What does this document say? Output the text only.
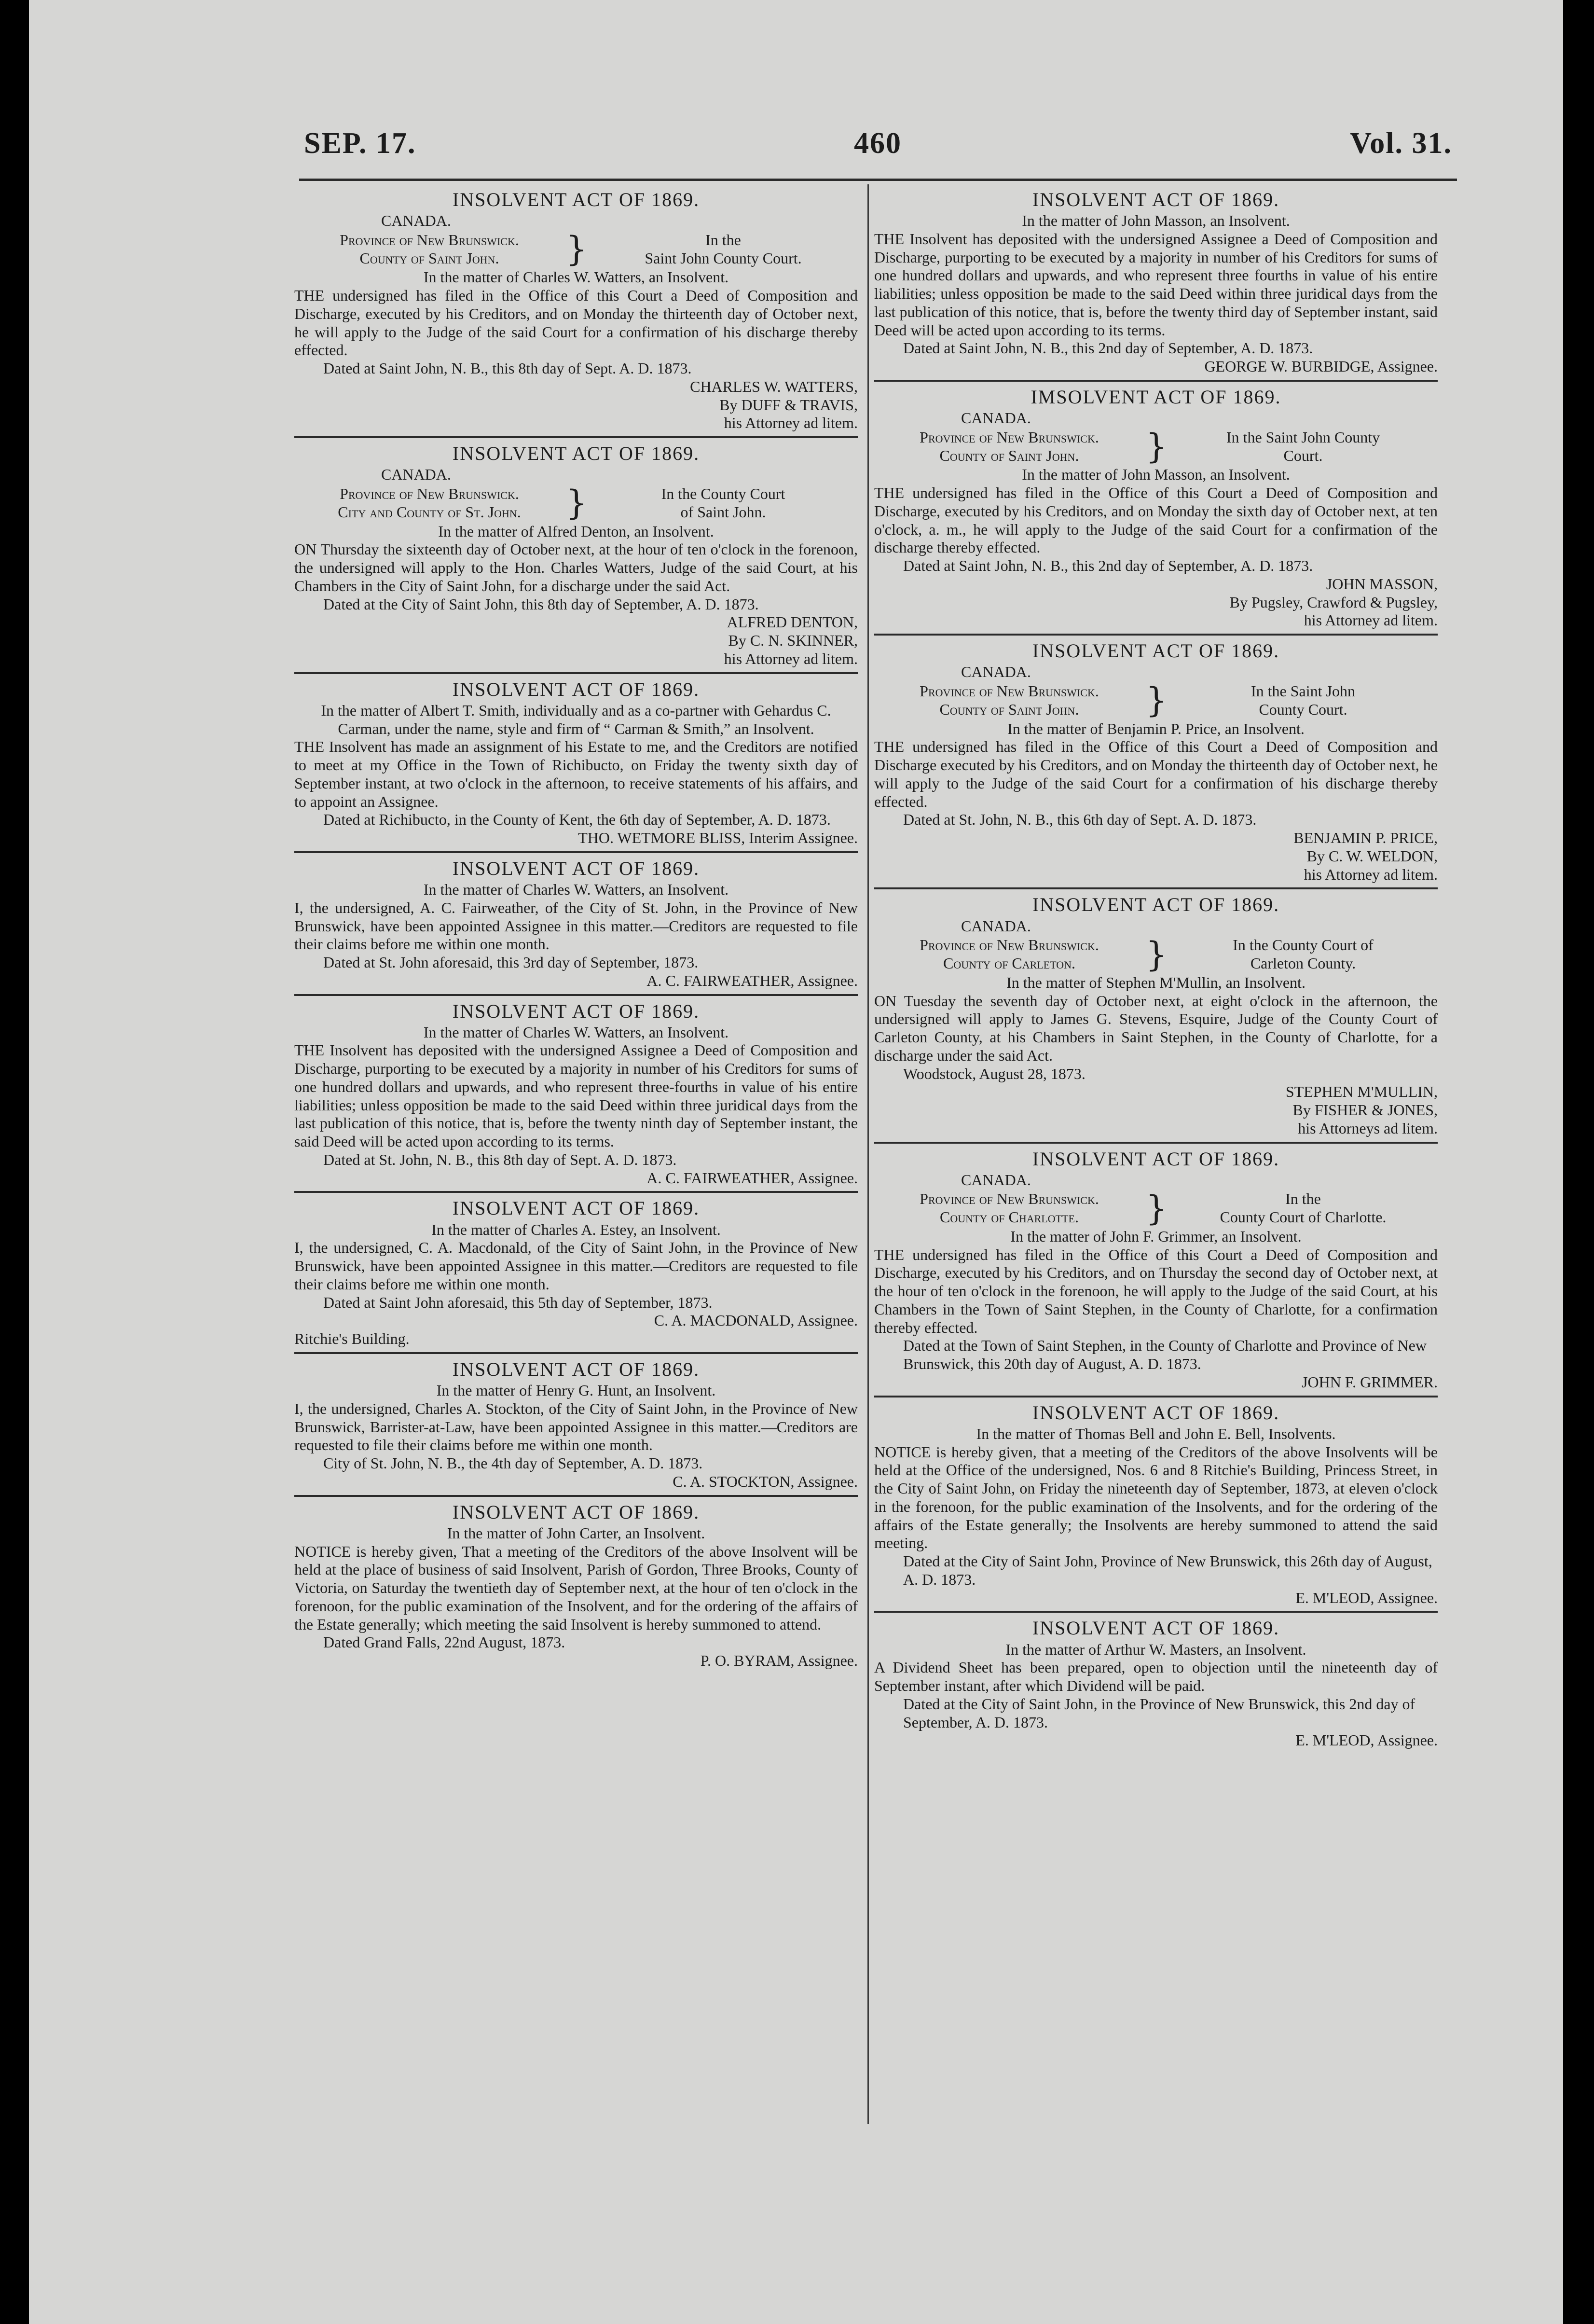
SEP. 17.	460	Vol. 31.
INSOLVENT ACT OF 1869.
CANADA.
Province of New Brunswick.
County of Saint John.	}	In the
Saint John County Court.
In the matter of Charles W. Watters, an Insolvent.

THE undersigned has filed in the Office of this Court a Deed of Composition and Discharge, executed by his Creditors, and on Monday the thirteenth day of October next, he will apply to the Judge of the said Court for a confirmation of his discharge thereby effected.

Dated at Saint John, N. B., this 8th day of Sept. A. D. 1873.
CHARLES W. WATTERS,
By DUFF & TRAVIS,
his Attorney ad litem.
INSOLVENT ACT OF 1869.
CANADA.
Province of New Brunswick.
City and County of St. John.	}	In the County Court
of Saint John.
In the matter of Alfred Denton, an Insolvent.

ON Thursday the sixteenth day of October next, at the hour of ten o'clock in the forenoon, the undersigned will apply to the Hon. Charles Watters, Judge of the said Court, at his Chambers in the City of Saint John, for a discharge under the said Act.

Dated at the City of Saint John, this 8th day of September, A. D. 1873.
ALFRED DENTON,
By C. N. SKINNER,
his Attorney ad litem.
INSOLVENT ACT OF 1869.
In the matter of Albert T. Smith, individually and as a co-partner with Gehardus C. Carman, under the name, style and firm of “ Carman & Smith,” an Insolvent.

THE Insolvent has made an assignment of his Estate to me, and the Creditors are notified to meet at my Office in the Town of Richibucto, on Friday the twenty sixth day of September instant, at two o'clock in the afternoon, to receive statements of his affairs, and to appoint an Assignee.

Dated at Richibucto, in the County of Kent, the 6th day of September, A. D. 1873.
THO. WETMORE BLISS, Interim Assignee.
INSOLVENT ACT OF 1869.
In the matter of Charles W. Watters, an Insolvent.

I, the undersigned, A. C. Fairweather, of the City of St. John, in the Province of New Brunswick, have been appointed Assignee in this matter.—Creditors are requested to file their claims before me within one month.

Dated at St. John aforesaid, this 3rd day of September, 1873.
A. C. FAIRWEATHER, Assignee.
INSOLVENT ACT OF 1869.
In the matter of Charles W. Watters, an Insolvent.

THE Insolvent has deposited with the undersigned Assignee a Deed of Composition and Discharge, purporting to be executed by a majority in number of his Creditors for sums of one hundred dollars and upwards, and who represent three-fourths in value of his entire liabilities; unless opposition be made to the said Deed within three juridical days from the last publication of this notice, that is, before the twenty ninth day of September instant, the said Deed will be acted upon according to its terms.

Dated at St. John, N. B., this 8th day of Sept. A. D. 1873.
A. C. FAIRWEATHER, Assignee.
INSOLVENT ACT OF 1869.
In the matter of Charles A. Estey, an Insolvent.

I, the undersigned, C. A. Macdonald, of the City of Saint John, in the Province of New Brunswick, have been appointed Assignee in this matter.—Creditors are requested to file their claims before me within one month.

Dated at Saint John aforesaid, this 5th day of September, 1873.
C. A. MACDONALD, Assignee.
Ritchie's Building.
INSOLVENT ACT OF 1869.
In the matter of Henry G. Hunt, an Insolvent.

I, the undersigned, Charles A. Stockton, of the City of Saint John, in the Province of New Brunswick, Barrister-at-Law, have been appointed Assignee in this matter.—Creditors are requested to file their claims before me within one month.

City of St. John, N. B., the 4th day of September, A. D. 1873.
C. A. STOCKTON, Assignee.
INSOLVENT ACT OF 1869.
In the matter of John Carter, an Insolvent.

NOTICE is hereby given, That a meeting of the Creditors of the above Insolvent will be held at the place of business of said Insolvent, Parish of Gordon, Three Brooks, County of Victoria, on Saturday the twentieth day of September next, at the hour of ten o'clock in the forenoon, for the public examination of the Insolvent, and for the ordering of the affairs of the Estate generally; which meeting the said Insolvent is hereby summoned to attend.

Dated Grand Falls, 22nd August, 1873.
P. O. BYRAM, Assignee.
INSOLVENT ACT OF 1869.
In the matter of John Masson, an Insolvent.

THE Insolvent has deposited with the undersigned Assignee a Deed of Composition and Discharge, purporting to be executed by a majority in number of his Creditors for sums of one hundred dollars and upwards, and who represent three fourths in value of his entire liabilities; unless opposition be made to the said Deed within three juridical days from the last publication of this notice, that is, before the twenty third day of September instant, said Deed will be acted upon according to its terms.

Dated at Saint John, N. B., this 2nd day of September, A. D. 1873.
GEORGE W. BURBIDGE, Assignee.
IMSOLVENT ACT OF 1869.
CANADA.
Province of New Brunswick.
County of Saint John.	}	In the Saint John County
Court.
In the matter of John Masson, an Insolvent.

THE undersigned has filed in the Office of this Court a Deed of Composition and Discharge, executed by his Creditors, and on Monday the sixth day of October next, at ten o'clock, a. m., he will apply to the Judge of the said Court for a confirmation of the discharge thereby effected.

Dated at Saint John, N. B., this 2nd day of September, A. D. 1873.
JOHN MASSON,
By Pugsley, Crawford & Pugsley,
his Attorney ad litem.
INSOLVENT ACT OF 1869.
CANADA.
Province of New Brunswick.
County of Saint John.	}	In the Saint John
County Court.
In the matter of Benjamin P. Price, an Insolvent.

THE undersigned has filed in the Office of this Court a Deed of Composition and Discharge executed by his Creditors, and on Monday the thirteenth day of October next, he will apply to the Judge of the said Court for a confirmation of his discharge thereby effected.

Dated at St. John, N. B., this 6th day of Sept. A. D. 1873.
BENJAMIN P. PRICE,
By C. W. WELDON,
his Attorney ad litem.
INSOLVENT ACT OF 1869.
CANADA.
Province of New Brunswick.
County of Carleton.	}	In the County Court of
Carleton County.
In the matter of Stephen M'Mullin, an Insolvent.

ON Tuesday the seventh day of October next, at eight o'clock in the afternoon, the undersigned will apply to James G. Stevens, Esquire, Judge of the County Court of Carleton County, at his Chambers in Saint Stephen, in the County of Charlotte, for a discharge under the said Act.

Woodstock, August 28, 1873.
STEPHEN M'MULLIN,
By FISHER & JONES,
his Attorneys ad litem.
INSOLVENT ACT OF 1869.
CANADA.
Province of New Brunswick.
County of Charlotte.	}	In the
County Court of Charlotte.
In the matter of John F. Grimmer, an Insolvent.

THE undersigned has filed in the Office of this Court a Deed of Composition and Discharge, executed by his Creditors, and on Thursday the second day of October next, at the hour of ten o'clock in the forenoon, he will apply to the Judge of the said Court, at his Chambers in the Town of Saint Stephen, in the County of Charlotte, for a confirmation thereby effected.

Dated at the Town of Saint Stephen, in the County of Charlotte and Province of New Brunswick, this 20th day of August, A. D. 1873.
JOHN F. GRIMMER.
INSOLVENT ACT OF 1869.
In the matter of Thomas Bell and John E. Bell, Insolvents.

NOTICE is hereby given, that a meeting of the Creditors of the above Insolvents will be held at the Office of the undersigned, Nos. 6 and 8 Ritchie's Building, Princess Street, in the City of Saint John, on Friday the nineteenth day of September, 1873, at eleven o'clock in the forenoon, for the public examination of the Insolvents, and for the ordering of the affairs of the Estate generally; the Insolvents are hereby summoned to attend the said meeting.

Dated at the City of Saint John, Province of New Brunswick, this 26th day of August, A. D. 1873.
E. M'LEOD, Assignee.
INSOLVENT ACT OF 1869.
In the matter of Arthur W. Masters, an Insolvent.

A Dividend Sheet has been prepared, open to objection until the nineteenth day of September instant, after which Dividend will be paid.

Dated at the City of Saint John, in the Province of New Brunswick, this 2nd day of September, A. D. 1873.
E. M'LEOD, Assignee.
